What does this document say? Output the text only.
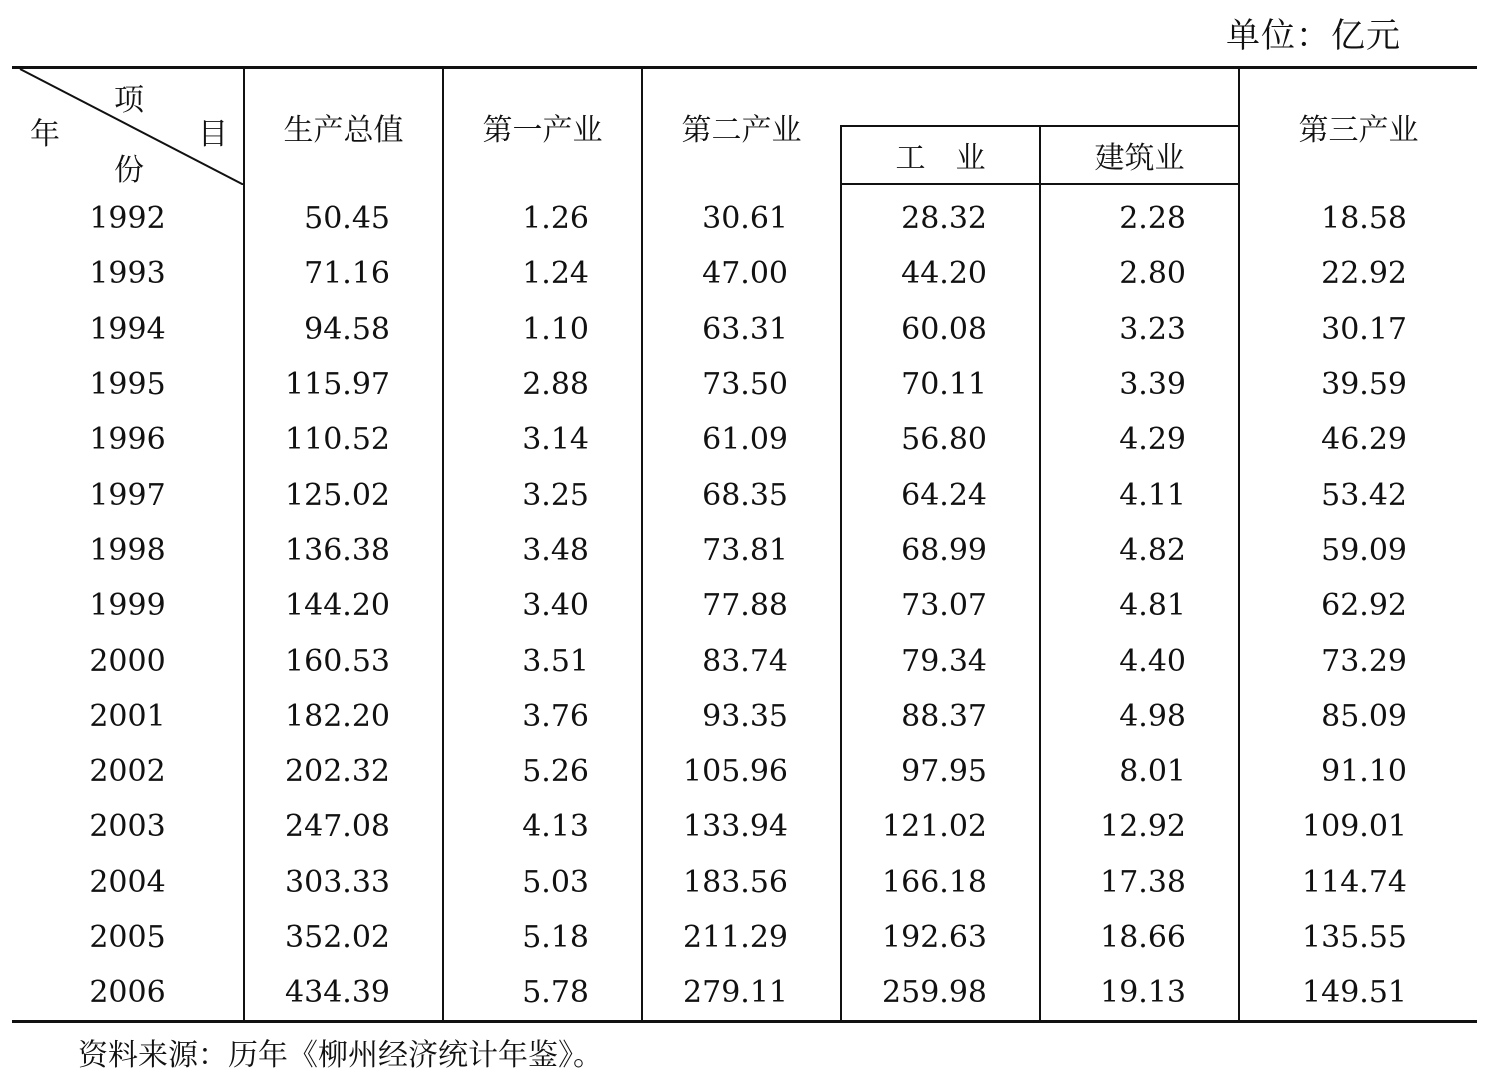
单位：亿元
项
目
年
份	生产总值	第一产业	第二产业			第三产业
				工　业	建筑业	
1992	50.45	1.26	30.61	28.32	2.28	18.58
1993	71.16	1.24	47.00	44.20	2.80	22.92
1994	94.58	1.10	63.31	60.08	3.23	30.17
1995	115.97	2.88	73.50	70.11	3.39	39.59
1996	110.52	3.14	61.09	56.80	4.29	46.29
1997	125.02	3.25	68.35	64.24	4.11	53.42
1998	136.38	3.48	73.81	68.99	4.82	59.09
1999	144.20	3.40	77.88	73.07	4.81	62.92
2000	160.53	3.51	83.74	79.34	4.40	73.29
2001	182.20	3.76	93.35	88.37	4.98	85.09
2002	202.32	5.26	105.96	97.95	8.01	91.10
2003	247.08	4.13	133.94	121.02	12.92	109.01
2004	303.33	5.03	183.56	166.18	17.38	114.74
2005	352.02	5.18	211.29	192.63	18.66	135.55
2006	434.39	5.78	279.11	259.98	19.13	149.51
资料来源：历年《柳州经济统计年鉴》。
